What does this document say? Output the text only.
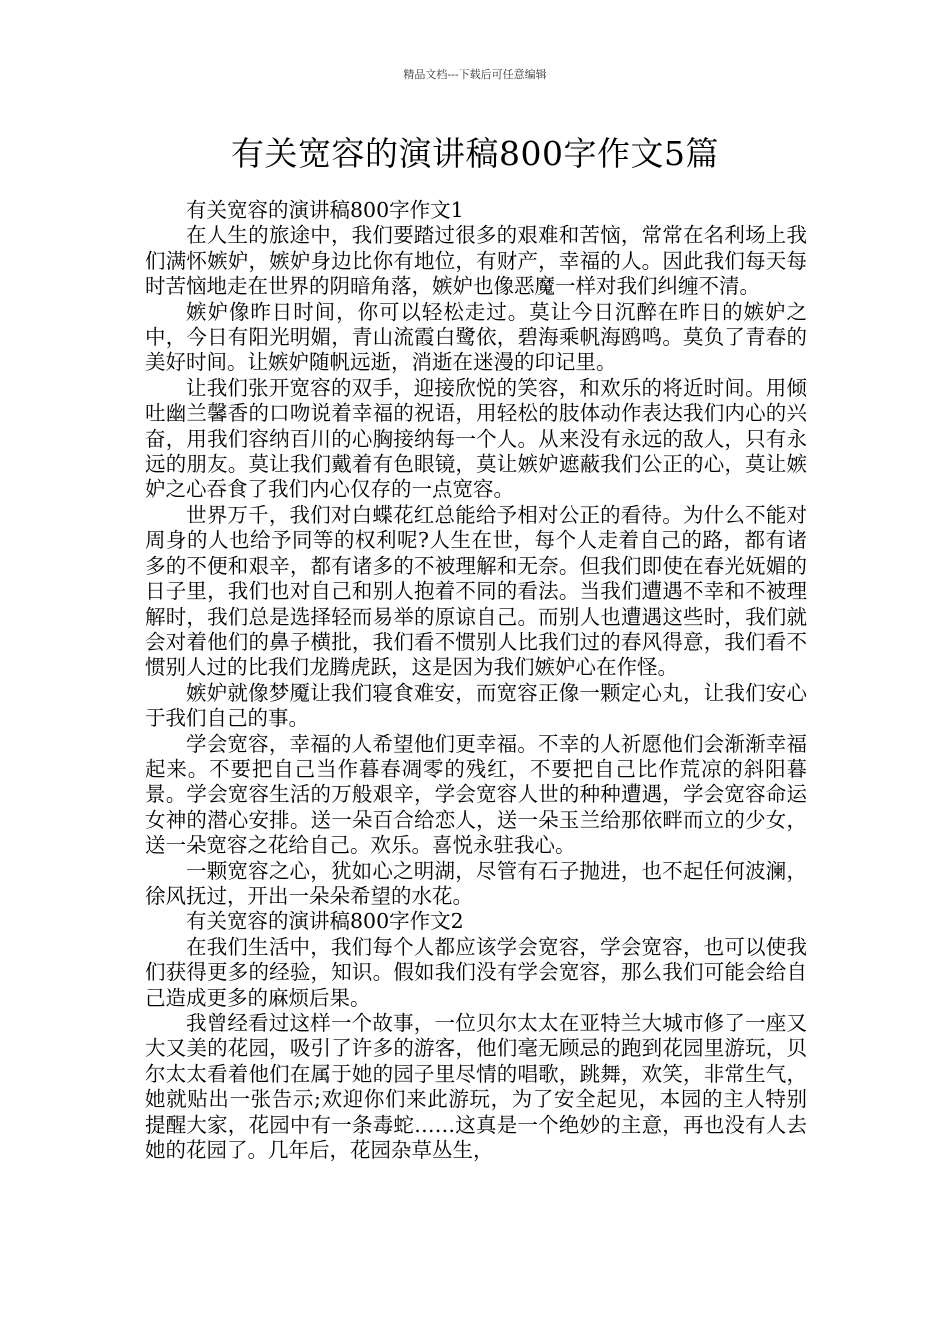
精品文档---下载后可任意编辑
有关宽容的演讲稿800字作文5篇

有关宽容的演讲稿800字作文1

在人生的旅途中，我们要踏过很多的艰难和苦恼，常常在名利场上我们满怀嫉妒，嫉妒身边比你有地位，有财产，幸福的人。因此我们每天每时苦恼地走在世界的阴暗角落，嫉妒也像恶魔一样对我们纠缠不清。

嫉妒像昨日时间，你可以轻松走过。莫让今日沉醉在昨日的嫉妒之中，今日有阳光明媚，青山流霞白鹭依，碧海乘帆海鸥鸣。莫负了青春的美好时间。让嫉妒随帆远逝，消逝在迷漫的印记里。

让我们张开宽容的双手，迎接欣悦的笑容，和欢乐的将近时间。用倾吐幽兰馨香的口吻说着幸福的祝语，用轻松的肢体动作表达我们内心的兴奋，用我们容纳百川的心胸接纳每一个人。从来没有永远的敌人，只有永远的朋友。莫让我们戴着有色眼镜，莫让嫉妒遮蔽我们公正的心，莫让嫉妒之心吞食了我们内心仅存的一点宽容。

世界万千，我们对白蝶花红总能给予相对公正的看待。为什么不能对周身的人也给予同等的权利呢?人生在世，每个人走着自己的路，都有诸多的不便和艰辛，都有诸多的不被理解和无奈。但我们即使在春光妩媚的日子里，我们也对自己和别人抱着不同的看法。当我们遭遇不幸和不被理解时，我们总是选择轻而易举的原谅自己。而别人也遭遇这些时，我们就会对着他们的鼻子横批，我们看不惯别人比我们过的春风得意，我们看不惯别人过的比我们龙腾虎跃，这是因为我们嫉妒心在作怪。

嫉妒就像梦魇让我们寝食难安，而宽容正像一颗定心丸，让我们安心于我们自己的事。

学会宽容，幸福的人希望他们更幸福。不幸的人祈愿他们会渐渐幸福起来。不要把自己当作暮春凋零的残红，不要把自己比作荒凉的斜阳暮景。学会宽容生活的万般艰辛，学会宽容人世的种种遭遇，学会宽容命运女神的潜心安排。送一朵百合给恋人，送一朵玉兰给那依畔而立的少女，送一朵宽容之花给自己。欢乐。喜悦永驻我心。

一颗宽容之心，犹如心之明湖，尽管有石子抛进，也不起任何波澜，徐风抚过，开出一朵朵希望的水花。

有关宽容的演讲稿800字作文2

在我们生活中，我们每个人都应该学会宽容，学会宽容，也可以使我们获得更多的经验，知识。假如我们没有学会宽容，那么我们可能会给自己造成更多的麻烦后果。

我曾经看过这样一个故事，一位贝尔太太在亚特兰大城市修了一座又大又美的花园，吸引了许多的游客，他们毫无顾忌的跑到花园里游玩，贝尔太太看着他们在属于她的园子里尽情的唱歌，跳舞，欢笑，非常生气，她就贴出一张告示;欢迎你们来此游玩，为了安全起见，本园的主人特别提醒大家，花园中有一条毒蛇……这真是一个绝妙的主意，再也没有人去她的花园了。几年后，花园杂草丛生，
